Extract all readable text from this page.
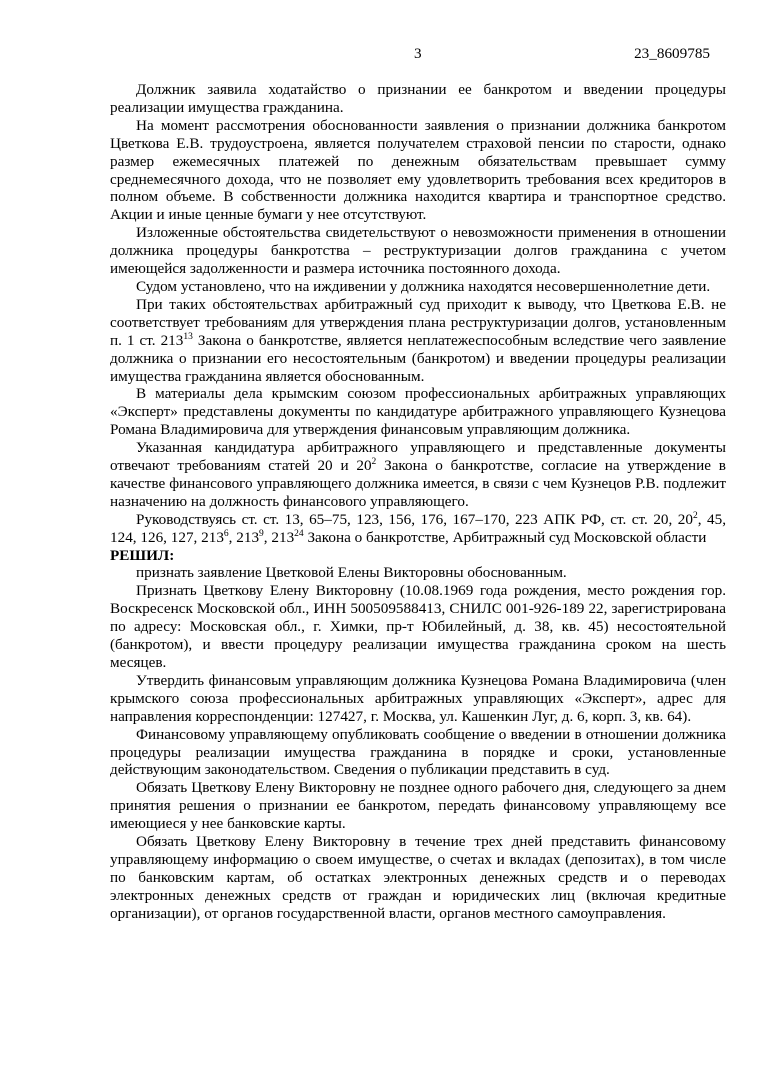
3	23_8609785

Должник заявила ходатайство о признании ее банкротом и введении процедуры реализации имущества гражданина.

На момент рассмотрения обоснованности заявления о признании должника банкротом Цветкова Е.В. трудоустроена, является получателем страховой пенсии по старости, однако размер ежемесячных платежей по денежным обязательствам превышает сумму среднемесячного дохода, что не позволяет ему удовлетворить требования всех кредиторов в полном объеме. В собственности должника находится квартира и транспортное средство. Акции и иные ценные бумаги у нее отсутствуют.

Изложенные обстоятельства свидетельствуют о невозможности применения в отношении должника процедуры банкротства – реструктуризации долгов гражданина с учетом имеющейся задолженности и размера источника постоянного дохода.

Судом установлено, что на иждивении у должника находятся несовершеннолетние дети.

При таких обстоятельствах арбитражный суд приходит к выводу, что Цветкова Е.В. не соответствует требованиям для утверждения плана реструктуризации долгов, установленным п. 1 ст. $213^{13}$ Закона о банкротстве, является неплатежеспособным вследствие чего заявление должника о признании его несостоятельным (банкротом) и введении процедуры реализации имущества гражданина является обоснованным.

В материалы дела крымским союзом профессиональных арбитражных управляющих «Эксперт» представлены документы по кандидатуре арбитражного управляющего Кузнецова Романа Владимировича для утверждения финансовым управляющим должника.

Указанная кандидатура арбитражного управляющего и представленные документы отвечают требованиям статей 20 и $20^2$ Закона о банкротстве, согласие на утверждение в качестве финансового управляющего должника имеется, в связи с чем Кузнецов Р.В. подлежит назначению на должность финансового управляющего.

Руководствуясь ст. ст. 13, 65–75, 123, 156, 176, 167–170, 223 АПК РФ, ст. ст. 20, $20^2$, 45, 124, 126, 127, $213^6$, $213^9$, $213^{24}$ Закона о банкротстве, Арбитражный суд Московской области

РЕШИЛ:

признать заявление Цветковой Елены Викторовны обоснованным.

Признать Цветкову Елену Викторовну (10.08.1969 года рождения, место рождения гор. Воскресенск Московской обл., ИНН 500509588413, СНИЛС 001-926-189 22, зарегистрирована по адресу: Московская обл., г. Химки, пр-т Юбилейный, д. 38, кв. 45) несостоятельной (банкротом), и ввести процедуру реализации имущества гражданина сроком на шесть месяцев.

Утвердить финансовым управляющим должника Кузнецова Романа Владимировича (член крымского союза профессиональных арбитражных управляющих «Эксперт», адрес для направления корреспонденции: 127427, г. Москва, ул. Кашенкин Луг, д. 6, корп. 3, кв. 64).

Финансовому управляющему опубликовать сообщение о введении в отношении должника процедуры реализации имущества гражданина в порядке и сроки, установленные действующим законодательством. Сведения о публикации представить в суд.

Обязать Цветкову Елену Викторовну не позднее одного рабочего дня, следующего за днем принятия решения о признании ее банкротом, передать финансовому управляющему все имеющиеся у нее банковские карты.

Обязать Цветкову Елену Викторовну в течение трех дней представить финансовому управляющему информацию о своем имуществе, о счетах и вкладах (депозитах), в том числе по банковским картам, об остатках электронных денежных средств и о переводах электронных денежных средств от граждан и юридических лиц (включая кредитные организации), от органов государственной власти, органов местного самоуправления.
